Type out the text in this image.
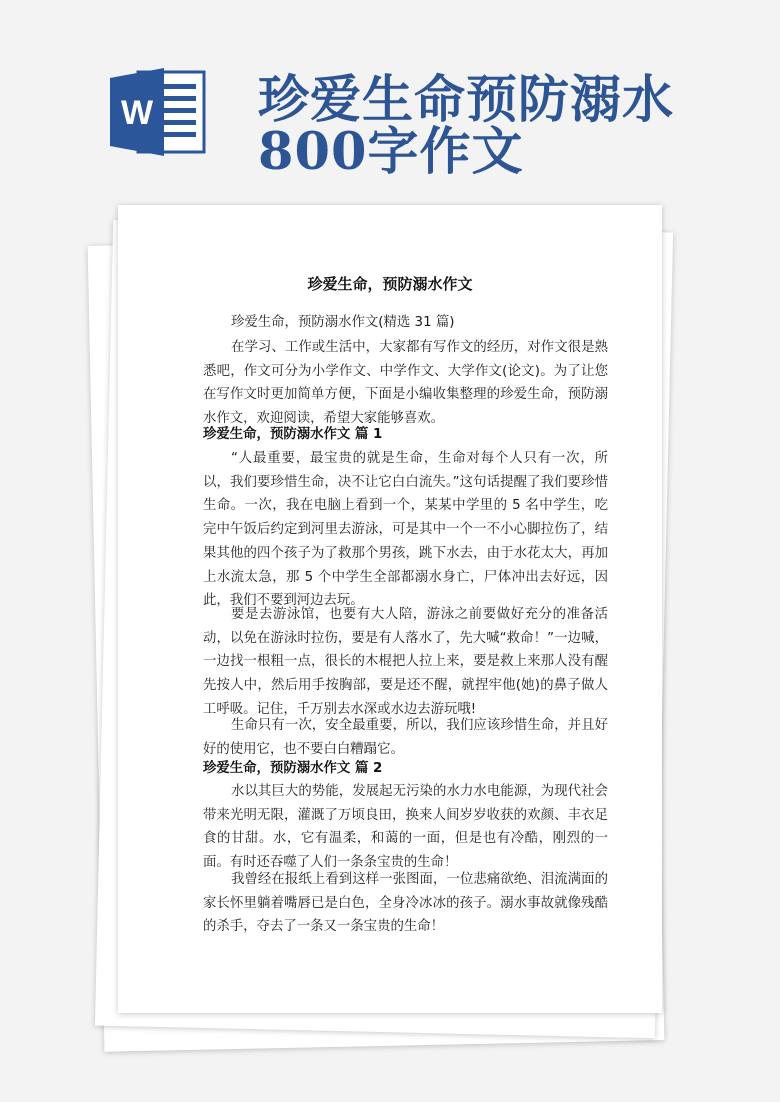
W 珍爱生命预防溺水
800字作文
珍爱生命，预防溺水作文
珍爱生命，预防溺水作文(精选 31 篇)
在学习、工作或生活中，大家都有写作文的经历，对作文很是熟悉吧，作文可分为小学作文、中学作文、大学作文(论文)。为了让您在写作文时更加简单方便，下面是小编收集整理的珍爱生命，预防溺水作文，欢迎阅读，希望大家能够喜欢。
珍爱生命，预防溺水作文 篇 1
“人最重要，最宝贵的就是生命，生命对每个人只有一次，所以，我们要珍惜生命，决不让它白白流失。”这句话提醒了我们要珍惜生命。一次，我在电脑上看到一个，某某中学里的 5 名中学生，吃完中午饭后约定到河里去游泳，可是其中一个一不小心脚拉伤了，结果其他的四个孩子为了救那个男孩，跳下水去，由于水花太大，再加上水流太急，那 5 个中学生全部都溺水身亡，尸体冲出去好远，因此，我们不要到河边去玩。
要是去游泳馆，也要有大人陪，游泳之前要做好充分的准备活动，以免在游泳时拉伤，要是有人落水了，先大喊“救命！”一边喊，一边找一根粗一点，很长的木棍把人拉上来，要是救上来那人没有醒先按人中，然后用手按胸部，要是还不醒，就捏牢他(她)的鼻子做人工呼吸。记住，千万别去水深或水边去游玩哦!
生命只有一次，安全最重要，所以，我们应该珍惜生命，并且好好的使用它，也不要白白糟蹋它。
珍爱生命，预防溺水作文 篇 2
水以其巨大的势能，发展起无污染的水力水电能源，为现代社会带来光明无限，灌溉了万顷良田，换来人间岁岁收获的欢颜、丰衣足食的甘甜。水，它有温柔，和蔼的一面，但是也有冷酷，刚烈的一面。有时还吞噬了人们一条条宝贵的生命！
我曾经在报纸上看到这样一张图面，一位悲痛欲绝、泪流满面的家长怀里躺着嘴唇已是白色，全身冷冰冰的孩子。溺水事故就像残酷的杀手，夺去了一条又一条宝贵的生命！
